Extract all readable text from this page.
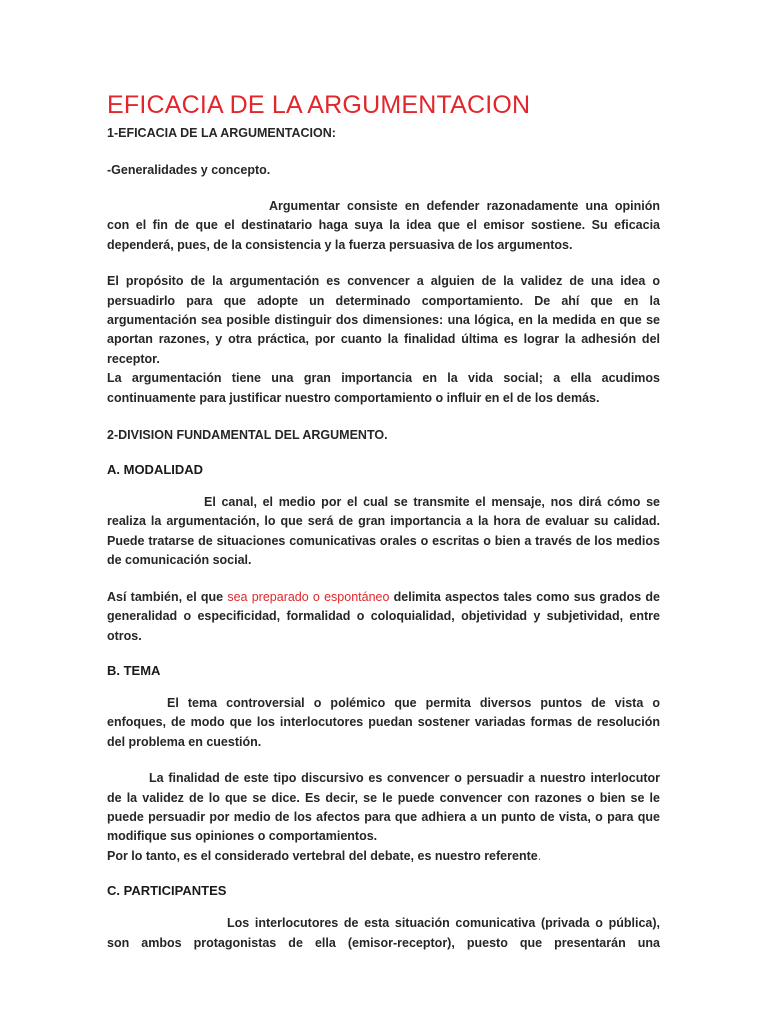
EFICACIA DE LA ARGUMENTACION
1-EFICACIA DE LA ARGUMENTACION:
-Generalidades y concepto.

Argumentar consiste en defender razonadamente una opinión con el fin de que el destinatario haga suya la idea que el emisor sostiene. Su eficacia dependerá, pues, de la consistencia y la fuerza persuasiva de los argumentos.

El propósito de la argumentación es convencer a alguien de la validez de una idea o persuadirlo para que adopte un determinado comportamiento. De ahí que en la argumentación sea posible distinguir dos dimensiones: una lógica, en la medida en que se aportan razones, y otra práctica, por cuanto la finalidad última es lograr la adhesión del receptor.

La argumentación tiene una gran importancia en la vida social; a ella acudimos continuamente para justificar nuestro comportamiento o influir en el de los demás.

2-DIVISION FUNDAMENTAL DEL ARGUMENTO.
A. MODALIDAD

El canal, el medio por el cual se transmite el mensaje, nos dirá cómo se realiza la argumentación, lo que será de gran importancia a la hora de evaluar su calidad. Puede tratarse de situaciones comunicativas orales o escritas o bien a través de los medios de comunicación social.

Así también, el que sea preparado o espontáneo delimita aspectos tales como sus grados de generalidad o especificidad, formalidad o coloquialidad, objetividad y subjetividad, entre otros.

B. TEMA

El tema controversial o polémico que permita diversos puntos de vista o enfoques, de modo que los interlocutores puedan sostener variadas formas de resolución del problema en cuestión.

La finalidad de este tipo discursivo es convencer o persuadir a nuestro interlocutor de la validez de lo que se dice. Es decir, se le puede convencer con razones o bien se le puede persuadir por medio de los afectos para que adhiera a un punto de vista, o para que modifique sus opiniones o comportamientos.

Por lo tanto, es el considerado vertebral del debate, es nuestro referente.

C. PARTICIPANTES

Los interlocutores de esta situación comunicativa (privada o pública), son ambos protagonistas de ella (emisor-receptor), puesto que presentarán una
